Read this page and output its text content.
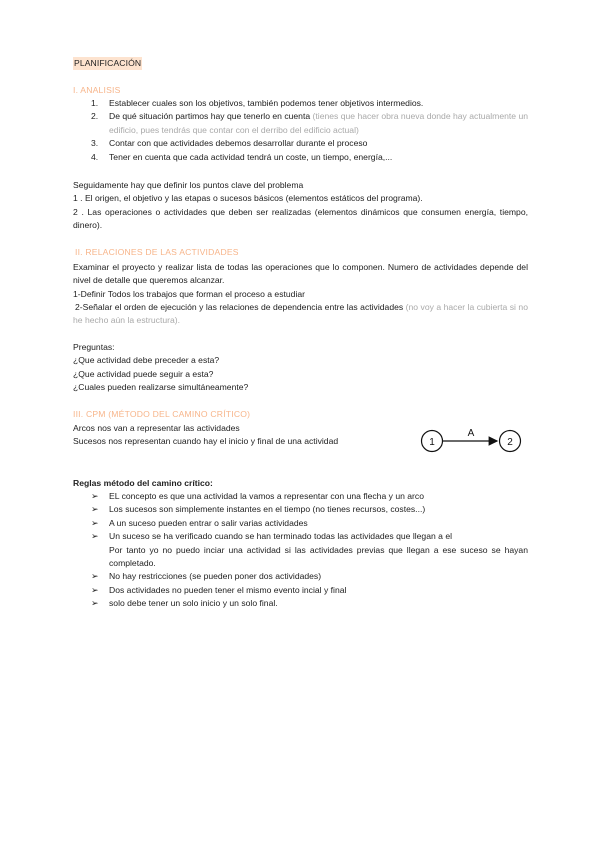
PLANIFICACIÓN
I. ANALISIS
1. Establecer cuales son los objetivos, también podemos tener objetivos intermedios.
2. De qué situación partimos hay que tenerlo en cuenta (tienes que hacer obra nueva donde hay actualmente un edificio, pues tendrás que contar con el derribo del edificio actual)
3. Contar con que actividades debemos desarrollar durante el proceso
4. Tener en cuenta que cada actividad tendrá un coste, un tiempo, energía,...
Seguidamente hay que definir los puntos clave del problema
1 . El origen, el objetivo y las etapas o sucesos básicos (elementos estáticos del programa).
2 . Las operaciones o actividades que deben ser realizadas (elementos dinámicos que consumen energía, tiempo, dinero).
II. RELACIONES DE LAS ACTIVIDADES
Examinar el proyecto y realizar lista de todas las operaciones que lo componen. Numero de actividades depende del nivel de detalle que queremos alcanzar.
1-Definir Todos los trabajos que forman el proceso a estudiar
2-Señalar el orden de ejecución y las relaciones de dependencia entre las actividades (no voy a hacer la cubierta si no he hecho aún la estructura).
Preguntas:
¿Que actividad debe preceder a esta?
¿Que actividad puede seguir a esta?
¿Cuales pueden realizarse simultáneamente?
III. CPM (MÉTODO DEL CAMINO CRÍTICO)
Arcos nos van a representar las actividades
Sucesos nos representan cuando hay el inicio y final de una actividad	1
A
2
Reglas método del camino crítico:
➢ EL concepto es que una actividad la vamos a representar con una flecha y un arco
➢ Los sucesos son simplemente instantes en el tiempo (no tienes recursos, costes...)
➢ A un suceso pueden entrar o salir varias actividades
➢ Un suceso se ha verificado cuando se han terminado todas las actividades que llegan a el
Por tanto yo no puedo inciar una actividad si las actividades previas que llegan a ese suceso se hayan completado.
➢ No hay restricciones (se pueden poner dos actividades)
➢ Dos actividades no pueden tener el mismo evento incial y final
➢ solo debe tener un solo inicio y un solo final.
